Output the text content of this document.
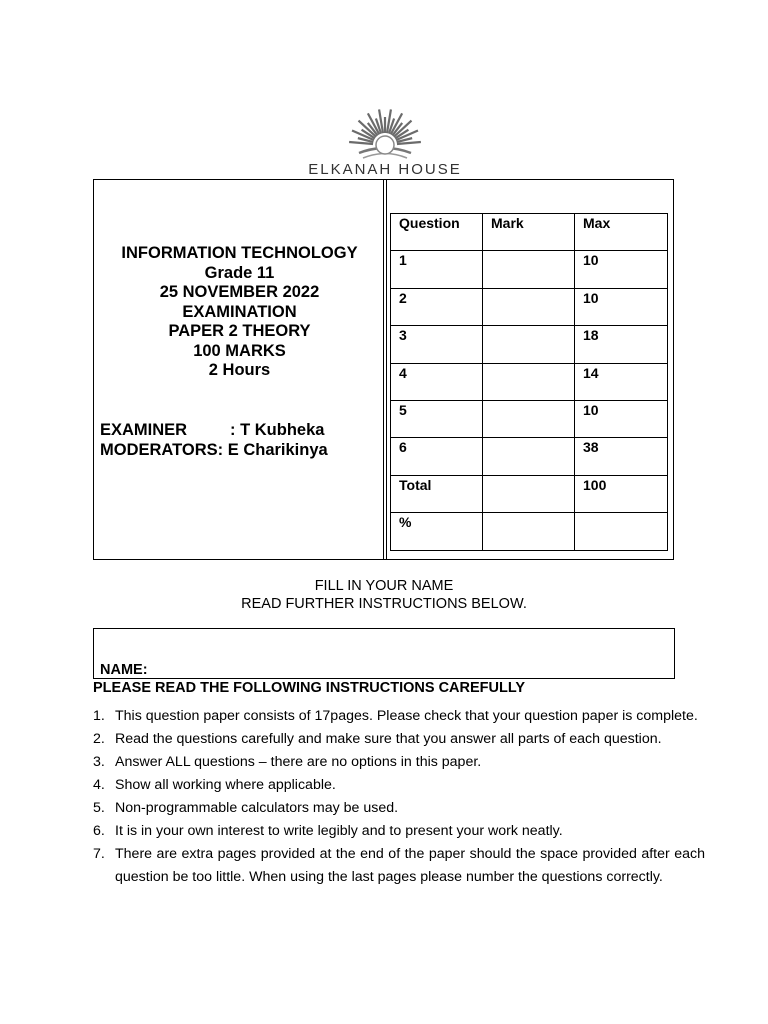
ELKANAH HOUSE
INFORMATION TECHNOLOGY
Grade 11
25 NOVEMBER 2022
EXAMINATION
PAPER 2 THEORY
100 MARKS
2 Hours
EXAMINER	: T Kubheka
MODERATORS: E Charikinya
Question	Mark	Max
1		10
2		10
3		18
4		14
5		10
6		38
Total		100
%		
FILL IN YOUR NAME
READ FURTHER INSTRUCTIONS BELOW.
NAME:
PLEASE READ THE FOLLOWING INSTRUCTIONS CAREFULLY
1. This question paper consists of 17pages. Please check that your question paper is complete.
2. Read the questions carefully and make sure that you answer all parts of each question.
3. Answer ALL questions – there are no options in this paper.
4. Show all working where applicable.
5. Non-programmable calculators may be used.
6. It is in your own interest to write legibly and to present your work neatly.
7. There are extra pages provided at the end of the paper should the space provided after each question be too little. When using the last pages please number the questions correctly.
